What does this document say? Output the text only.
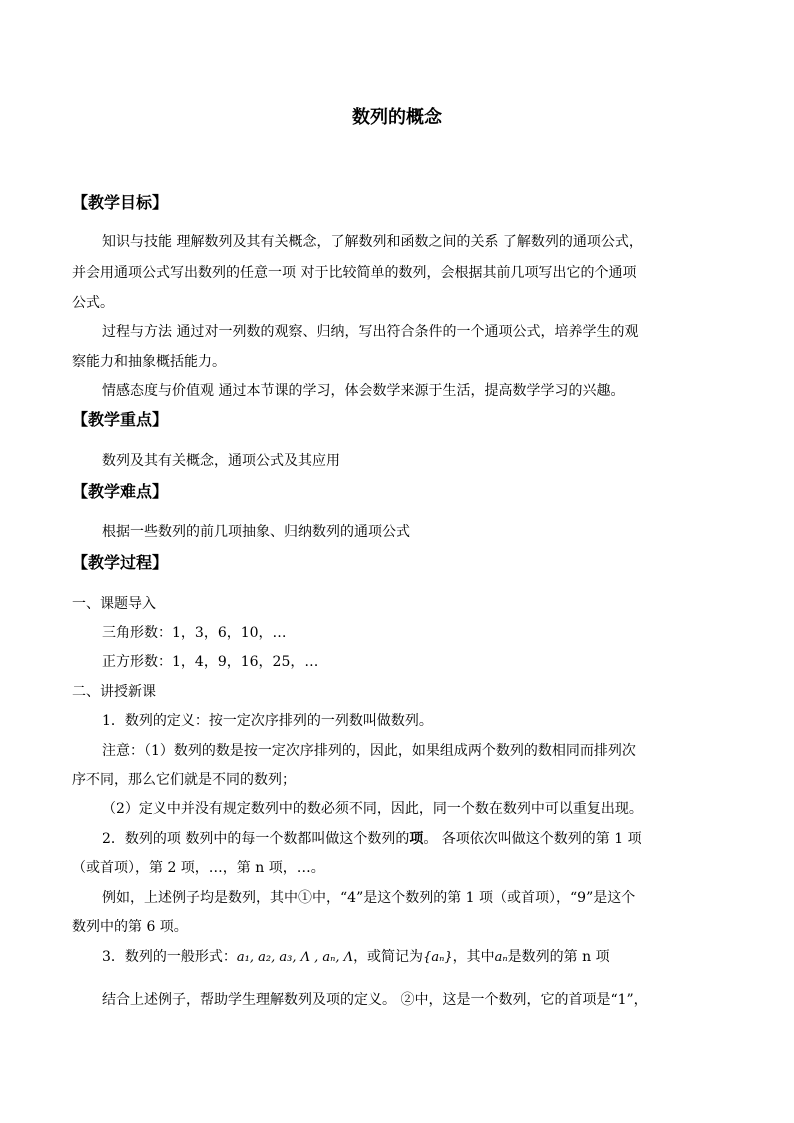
数列的概念
【教学目标】
知识与技能 理解数列及其有关概念，了解数列和函数之间的关系 了解数列的通项公式，
并会用通项公式写出数列的任意一项 对于比较简单的数列，会根据其前几项写出它的个通项
公式。
过程与方法 通过对一列数的观察、归纳，写出符合条件的一个通项公式，培养学生的观
察能力和抽象概括能力。
情感态度与价值观 通过本节课的学习，体会数学来源于生活，提高数学学习的兴趣。
【教学重点】
数列及其有关概念，通项公式及其应用
【教学难点】
根据一些数列的前几项抽象、归纳数列的通项公式
【教学过程】
一、课题导入
三角形数：1，3，6，10，…
正方形数：1，4，9，16，25，…
二、讲授新课
1．数列的定义：按一定次序排列的一列数叫做数列。
注意：（1）数列的数是按一定次序排列的，因此，如果组成两个数列的数相同而排列次
序不同，那么它们就是不同的数列；
（2）定义中并没有规定数列中的数必须不同，因此，同一个数在数列中可以重复出现。
2．数列的项 数列中的每一个数都叫做这个数列的项。 各项依次叫做这个数列的第 1 项
（或首项），第 2 项，…，第 n 项，…。
例如，上述例子均是数列，其中①中，“4”是这个数列的第 1 项（或首项），“9”是这个
数列中的第 6 项。
3．数列的一般形式：a₁, a₂, a₃, Λ , aₙ, Λ，或简记为{aₙ}，其中aₙ是数列的第 n 项
结合上述例子，帮助学生理解数列及项的定义。 ②中，这是一个数列，它的首项是“1”，
